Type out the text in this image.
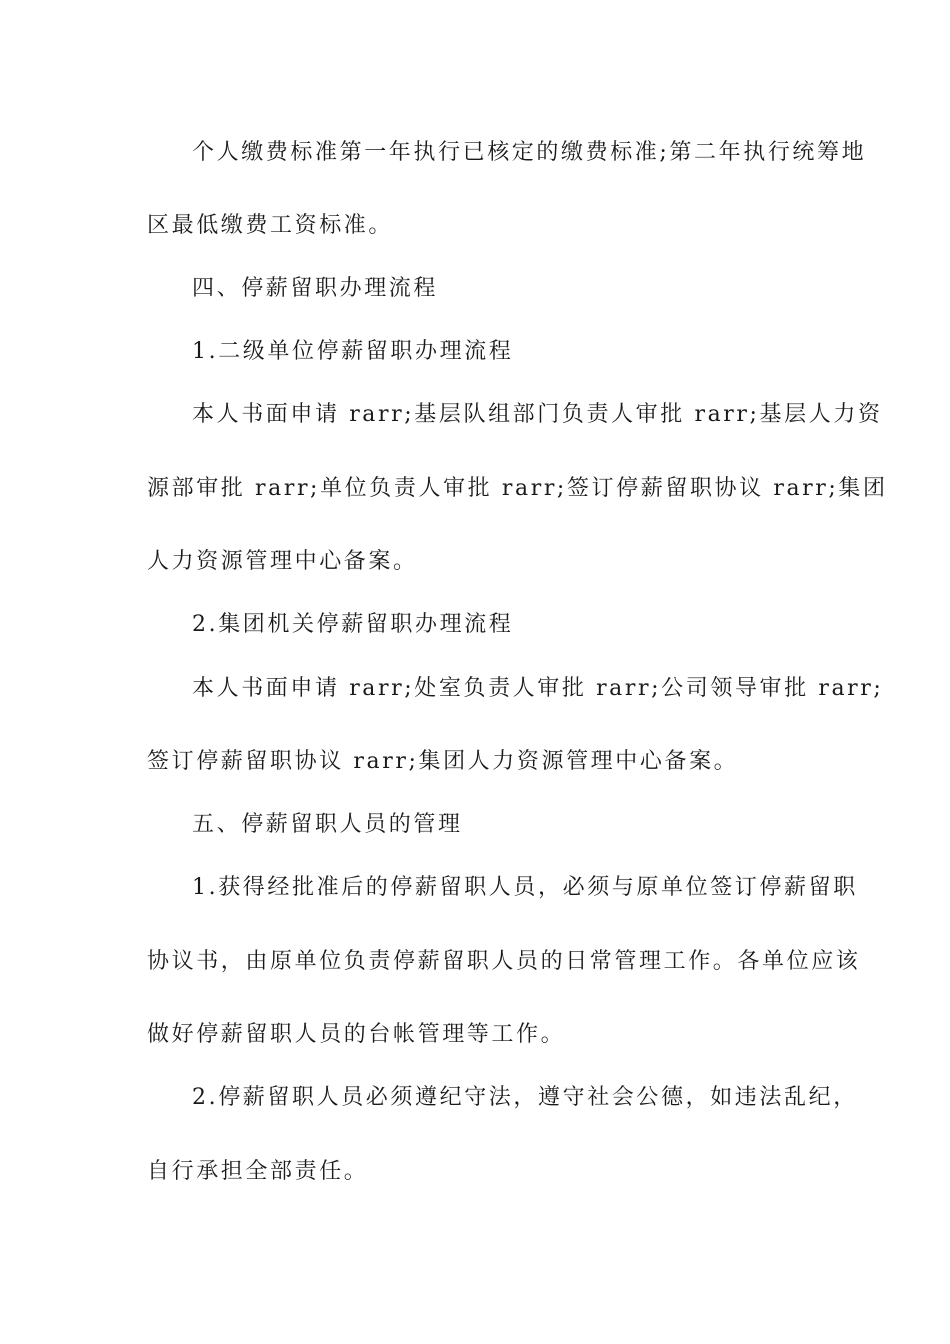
个人缴费标准第一年执行已核定的缴费标准;第二年执行统筹地
区最低缴费工资标准。
四、停薪留职办理流程
1.二级单位停薪留职办理流程
本人书面申请 rarr;基层队组部门负责人审批 rarr;基层人力资
源部审批 rarr;单位负责人审批 rarr;签订停薪留职协议 rarr;集团
人力资源管理中心备案。
2.集团机关停薪留职办理流程
本人书面申请 rarr;处室负责人审批 rarr;公司领导审批 rarr;
签订停薪留职协议 rarr;集团人力资源管理中心备案。
五、停薪留职人员的管理
1.获得经批准后的停薪留职人员，必须与原单位签订停薪留职
协议书，由原单位负责停薪留职人员的日常管理工作。各单位应该
做好停薪留职人员的台帐管理等工作。
2.停薪留职人员必须遵纪守法，遵守社会公德，如违法乱纪，
自行承担全部责任。
